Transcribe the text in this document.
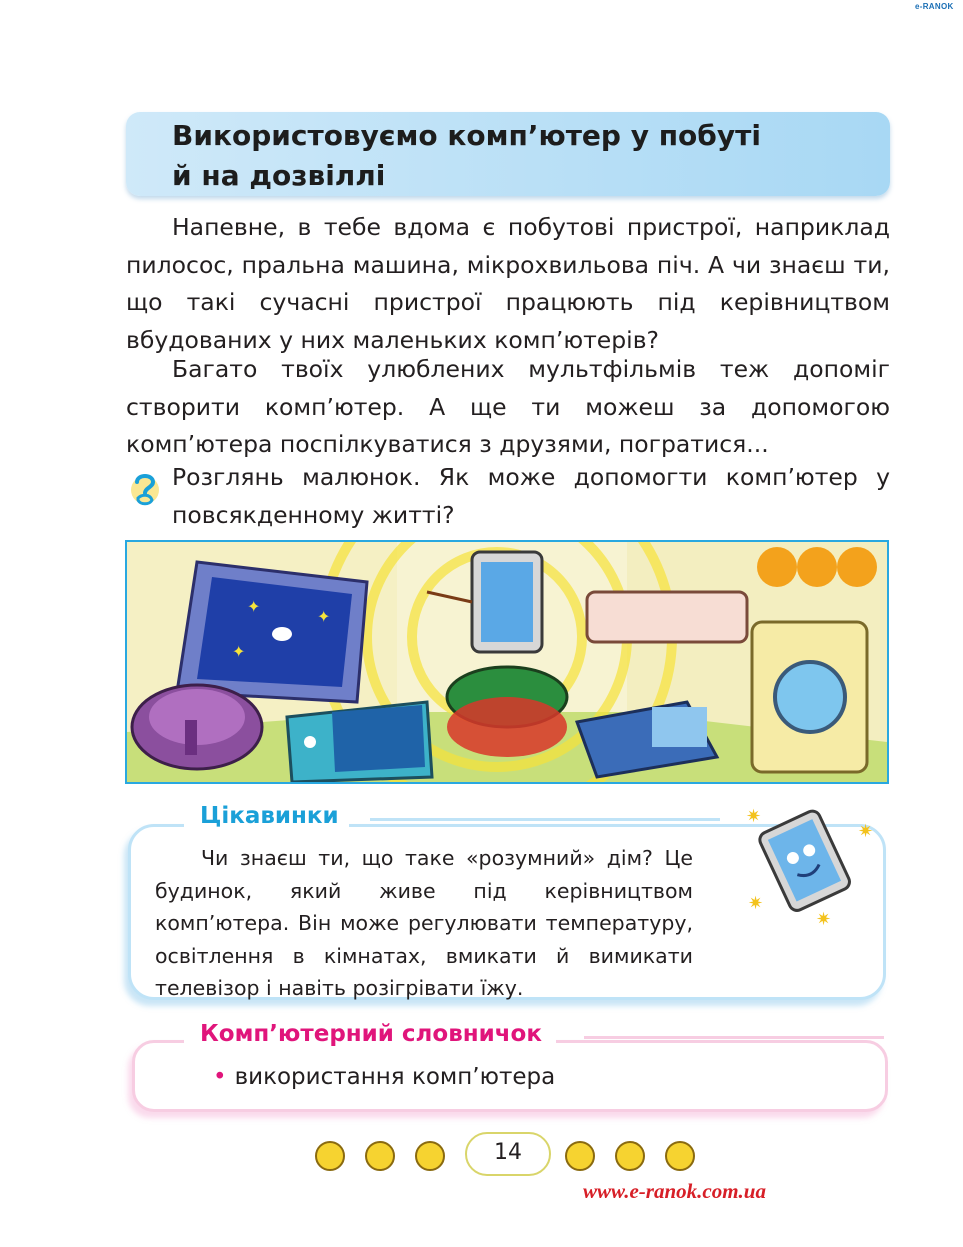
e-RANOK
Використовуємо комп’ютер у побуті
й на дозвіллі
Напевне, в тебе вдома є побутові пристрої, наприклад пилосос, пральна машина, мікрохвильова піч. А чи знаєш ти, що такі сучасні пристрої працюють під керівництвом вбудованих у них маленьких комп’ютерів?
Багато твоїх улюблених мультфільмів теж допоміг створити комп’ютер. А ще ти можеш за допомогою комп’ютера поспілкуватися з друзями, погратися...
Розглянь малюнок. Як може допомогти комп’ютер у повсякденному житті?
✦
✦
✦
Цікавинки

Чи знаєш ти, що таке «розумний» дім? Це будинок, який живе під керівництвом комп’ютера. Він може регулювати температуру, освітлення в кімнатах, вмикати й вимикати телевізор і навіть розігрівати їжу.

✷
✷
✷
✷
Комп’ютерний словничок
• використання комп’ютера
14
www.e-ranok.com.ua
